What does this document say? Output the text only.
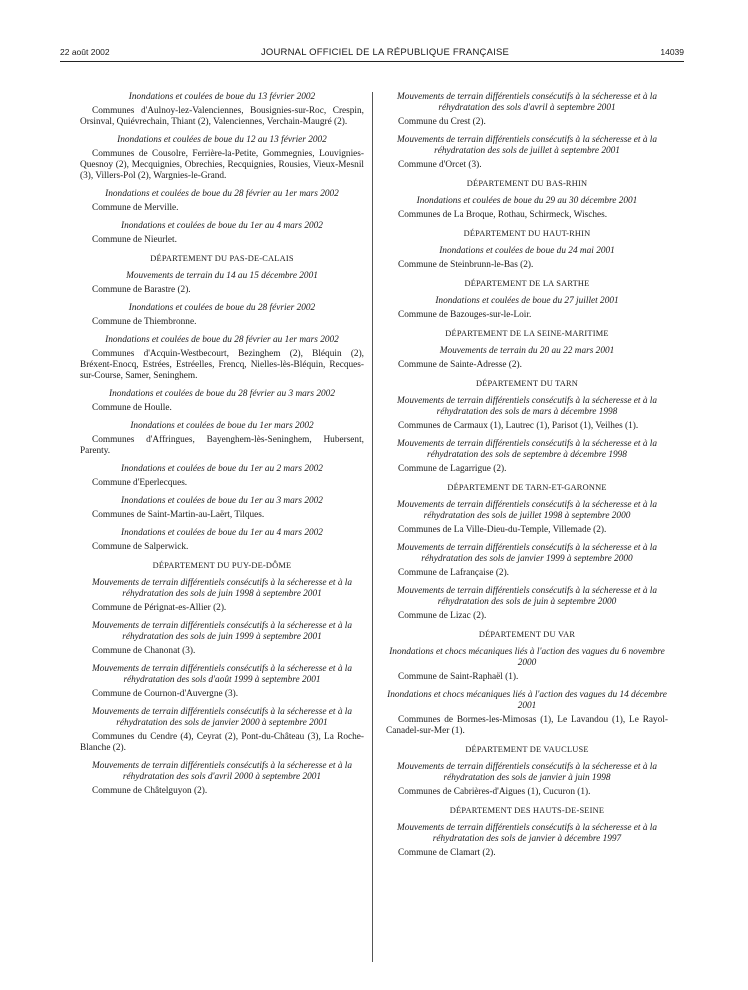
22 août 2002	JOURNAL OFFICIEL DE LA RÉPUBLIQUE FRANÇAISE	14039
Inondations et coulées de boue du 13 février 2002
Communes d'Aulnoy-lez-Valenciennes, Bousignies-sur-Roc, Crespin, Orsinval, Quiévrechain, Thiant (2), Valenciennes, Verchain-Maugré (2).
Inondations et coulées de boue du 12 au 13 février 2002
Communes de Cousolre, Ferrière-la-Petite, Gommegnies, Louvignies-Quesnoy (2), Mecquignies, Obrechies, Recquignies, Rousies, Vieux-Mesnil (3), Villers-Pol (2), Wargnies-le-Grand.
Inondations et coulées de boue du 28 février au 1er mars 2002
Commune de Merville.
Inondations et coulées de boue du 1er au 4 mars 2002
Commune de Nieurlet.
DÉPARTEMENT DU PAS-DE-CALAIS
Mouvements de terrain du 14 au 15 décembre 2001
Commune de Barastre (2).
Inondations et coulées de boue du 28 février 2002
Commune de Thiembronne.
Inondations et coulées de boue du 28 février au 1er mars 2002
Communes d'Acquin-Westbecourt, Bezinghem (2), Bléquin (2), Bréxent-Enocq, Estrées, Estréelles, Frencq, Nielles-lès-Bléquin, Recques-sur-Course, Samer, Seninghem.
Inondations et coulées de boue du 28 février au 3 mars 2002
Commune de Houlle.
Inondations et coulées de boue du 1er mars 2002
Communes d'Affringues, Bayenghem-lès-Seninghem, Hubersent, Parenty.
Inondations et coulées de boue du 1er au 2 mars 2002
Commune d'Eperlecques.
Inondations et coulées de boue du 1er au 3 mars 2002
Communes de Saint-Martin-au-Laërt, Tilques.
Inondations et coulées de boue du 1er au 4 mars 2002
Commune de Salperwick.
DÉPARTEMENT DU PUY-DE-DÔME
Mouvements de terrain différentiels consécutifs à la sécheresse et à la réhydratation des sols de juin 1998 à septembre 2001
Commune de Pérignat-es-Allier (2).
Mouvements de terrain différentiels consécutifs à la sécheresse et à la réhydratation des sols de juin 1999 à septembre 2001
Commune de Chanonat (3).
Mouvements de terrain différentiels consécutifs à la sécheresse et à la réhydratation des sols d'août 1999 à septembre 2001
Commune de Cournon-d'Auvergne (3).
Mouvements de terrain différentiels consécutifs à la sécheresse et à la réhydratation des sols de janvier 2000 à septembre 2001
Communes du Cendre (4), Ceyrat (2), Pont-du-Château (3), La Roche-Blanche (2).
Mouvements de terrain différentiels consécutifs à la sécheresse et à la réhydratation des sols d'avril 2000 à septembre 2001
Commune de Châtelguyon (2).
Mouvements de terrain différentiels consécutifs à la sécheresse et à la réhydratation des sols d'avril à septembre 2001
Commune du Crest (2).
Mouvements de terrain différentiels consécutifs à la sécheresse et à la réhydratation des sols de juillet à septembre 2001
Commune d'Orcet (3).
DÉPARTEMENT DU BAS-RHIN
Inondations et coulées de boue du 29 au 30 décembre 2001
Communes de La Broque, Rothau, Schirmeck, Wisches.
DÉPARTEMENT DU HAUT-RHIN
Inondations et coulées de boue du 24 mai 2001
Commune de Steinbrunn-le-Bas (2).
DÉPARTEMENT DE LA SARTHE
Inondations et coulées de boue du 27 juillet 2001
Commune de Bazouges-sur-le-Loir.
DÉPARTEMENT DE LA SEINE-MARITIME
Mouvements de terrain du 20 au 22 mars 2001
Commune de Sainte-Adresse (2).
DÉPARTEMENT DU TARN
Mouvements de terrain différentiels consécutifs à la sécheresse et à la réhydratation des sols de mars à décembre 1998
Communes de Carmaux (1), Lautrec (1), Parisot (1), Veilhes (1).
Mouvements de terrain différentiels consécutifs à la sécheresse et à la réhydratation des sols de septembre à décembre 1998
Commune de Lagarrigue (2).
DÉPARTEMENT DE TARN-ET-GARONNE
Mouvements de terrain différentiels consécutifs à la sécheresse et à la réhydratation des sols de juillet 1998 à septembre 2000
Communes de La Ville-Dieu-du-Temple, Villemade (2).
Mouvements de terrain différentiels consécutifs à la sécheresse et à la réhydratation des sols de janvier 1999 à septembre 2000
Commune de Lafrançaise (2).
Mouvements de terrain différentiels consécutifs à la sécheresse et à la réhydratation des sols de juin à septembre 2000
Commune de Lizac (2).
DÉPARTEMENT DU VAR
Inondations et chocs mécaniques liés à l'action des vagues du 6 novembre 2000
Commune de Saint-Raphaël (1).
Inondations et chocs mécaniques liés à l'action des vagues du 14 décembre 2001
Communes de Bormes-les-Mimosas (1), Le Lavandou (1), Le Rayol-Canadel-sur-Mer (1).
DÉPARTEMENT DE VAUCLUSE
Mouvements de terrain différentiels consécutifs à la sécheresse et à la réhydratation des sols de janvier à juin 1998
Communes de Cabrières-d'Aigues (1), Cucuron (1).
DÉPARTEMENT DES HAUTS-DE-SEINE
Mouvements de terrain différentiels consécutifs à la sécheresse et à la réhydratation des sols de janvier à décembre 1997
Commune de Clamart (2).
